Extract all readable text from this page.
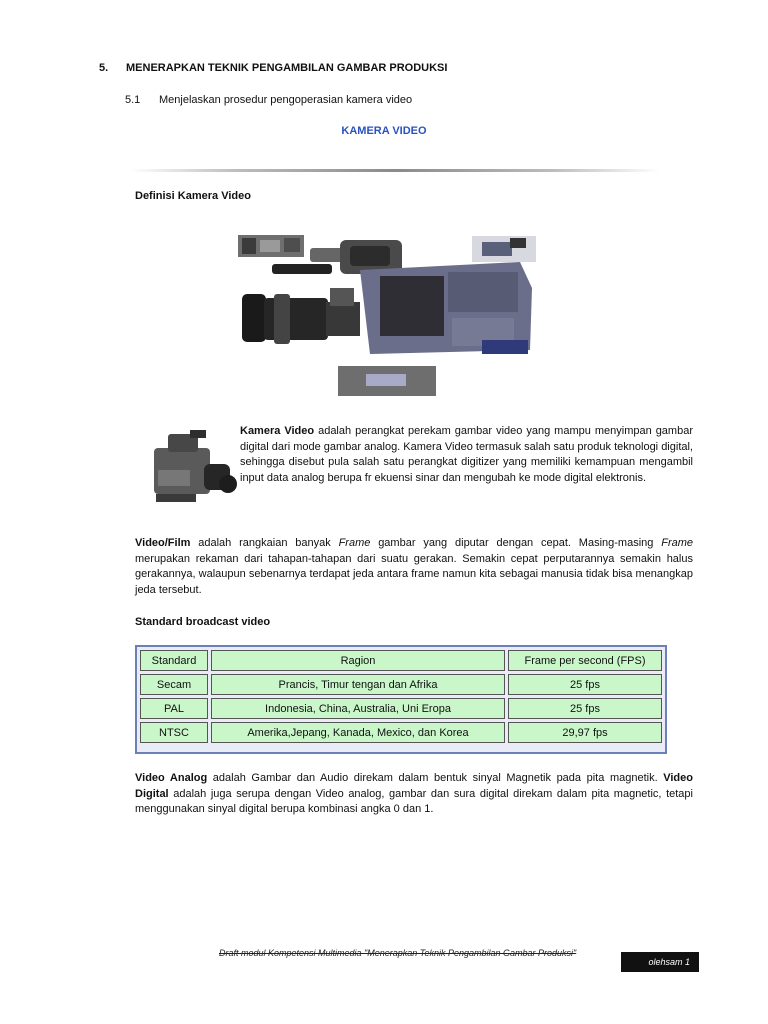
5. MENERAPKAN TEKNIK PENGAMBILAN GAMBAR PRODUKSI
5.1 Menjelaskan prosedur pengoperasian kamera video
KAMERA VIDEO
Definisi Kamera Video
Kamera Video adalah perangkat perekam gambar video yang mampu menyimpan gambar digital dari mode gambar analog. Kamera Video termasuk salah satu produk teknologi digital, sehingga disebut pula salah satu perangkat digitizer yang memiliki kemampuan mengambil input data analog berupa fr ekuensi sinar dan mengubah ke mode digital elektronis.
Video/Film adalah rangkaian banyak Frame gambar yang diputar dengan cepat. Masing-masing Frame merupakan rekaman dari tahapan-tahapan dari suatu gerakan. Semakin cepat perputarannya semakin halus gerakannya, walaupun sebenarnya terdapat jeda antara frame namun kita sebagai manusia tidak bisa menangkap jeda tersebut.
Standard broadcast video
Standard	Ragion	Frame per second (FPS)
Secam	Prancis, Timur tengan dan Afrika	25 fps
PAL	Indonesia, China, Australia, Uni Eropa	25 fps
NTSC	Amerika,Jepang, Kanada, Mexico, dan Korea	29,97 fps
Video Analog adalah Gambar dan Audio direkam dalam bentuk sinyal Magnetik pada pita magnetik. Video Digital adalah juga serupa dengan Video analog, gambar dan sura digital direkam dalam pita magnetic, tetapi menggunakan sinyal digital berupa kombinasi angka 0 dan 1.
Draft modul Kompetensi Multimedia "Menerapkan Teknik Pengambilan Gambar Produksi"
olehsam 1
